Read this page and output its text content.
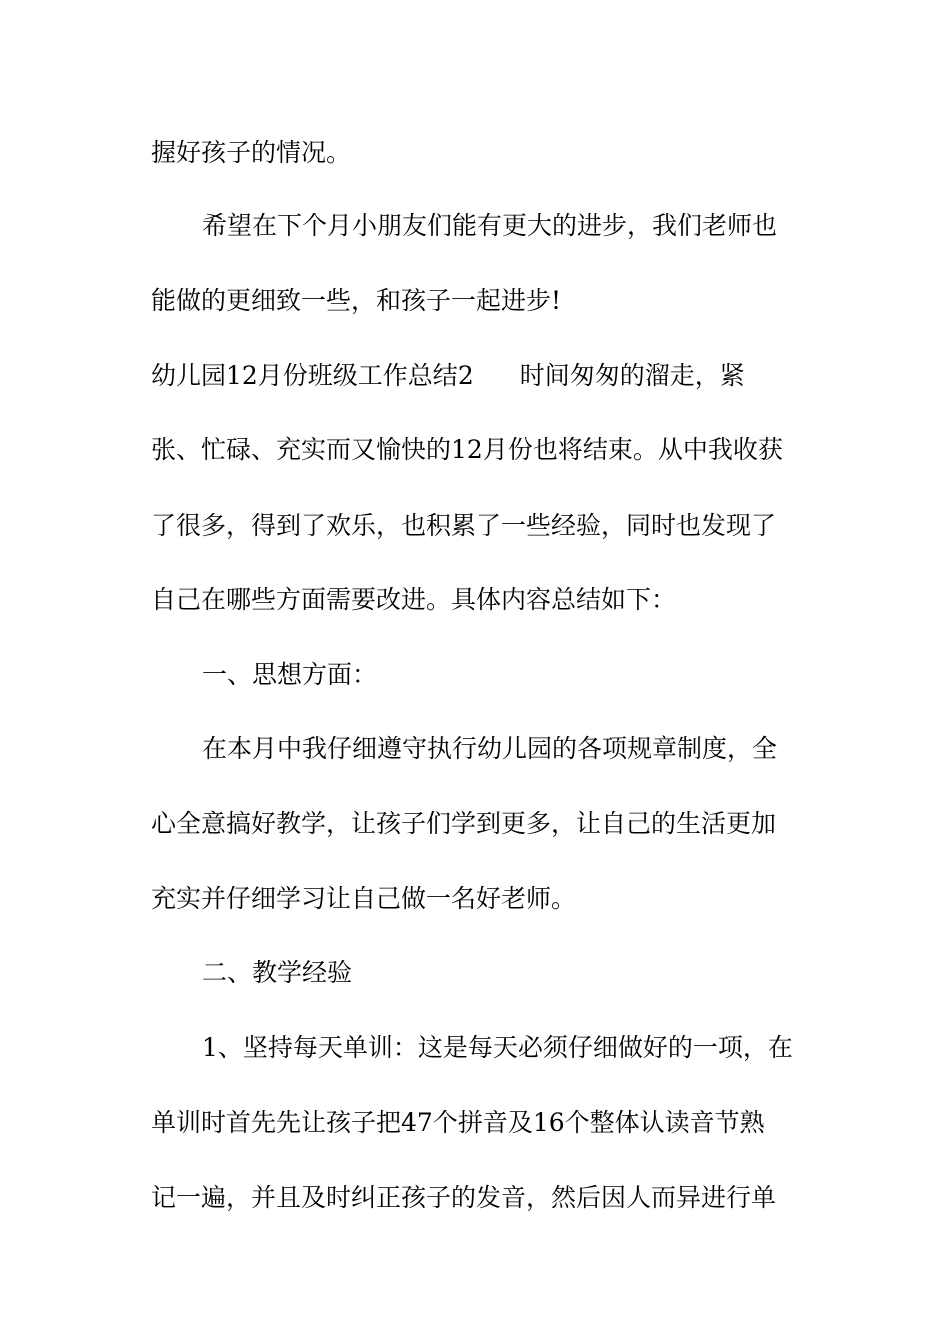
握好孩子的情况。
希望在下个月小朋友们能有更大的进步，我们老师也
能做的更细致一些，和孩子一起进步!
幼儿园12月份班级工作总结2 时间匆匆的溜走，紧
张、忙碌、充实而又愉快的12月份也将结束。从中我收获
了很多，得到了欢乐，也积累了一些经验，同时也发现了
自己在哪些方面需要改进。具体内容总结如下：
一、思想方面：
在本月中我仔细遵守执行幼儿园的各项规章制度，全
心全意搞好教学，让孩子们学到更多，让自己的生活更加
充实并仔细学习让自己做一名好老师。
二、教学经验
1、坚持每天单训：这是每天必须仔细做好的一项，在
单训时首先先让孩子把47个拼音及16个整体认读音节熟
记一遍，并且及时纠正孩子的发音，然后因人而异进行单
